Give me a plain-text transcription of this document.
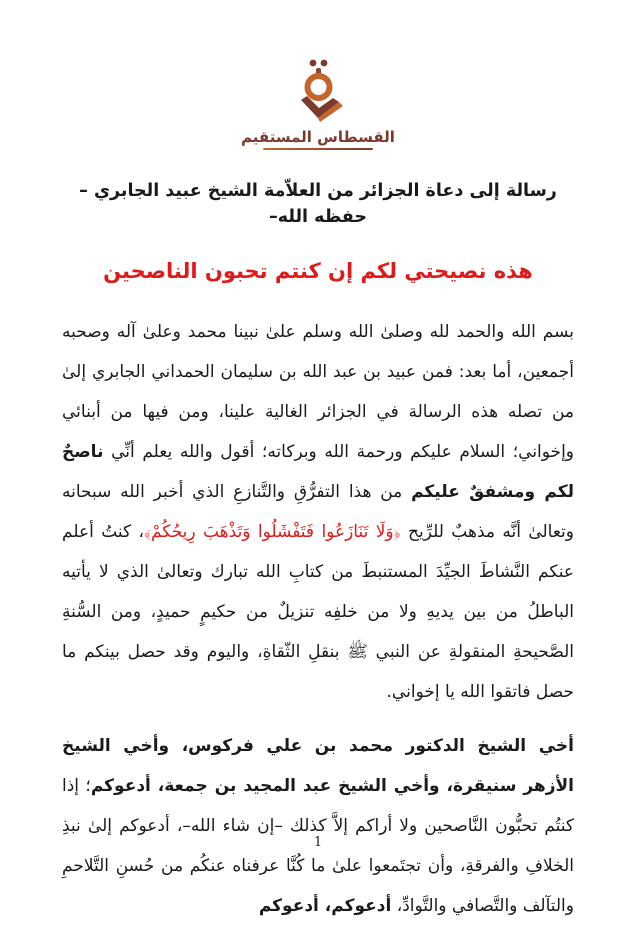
القسطاس المستقيم
رسالة إلى دعاة الجزائر من العلاّمة الشيخ عبيد الجابري –حفظه الله–
هذه نصيحتي لكم إن كنتم تحبون الناصحين

بسم الله والحمد لله وصلىٰ الله وسلم علىٰ نبينا محمد وعلىٰ آله وصحبه أجمعين، أما بعد: فمن عبيد بن عبد الله بن سليمان الحمداني الجابري إلىٰ من تصله هذه الرسالة في الجزائر الغالية علينا، ومن فيها من أبنائي وإخواني؛ السلام عليكم ورحمة الله وبركاته؛ أقول والله يعلم أنِّي ناصحٌ لكم ومشفقٌ عليكم من هذا التفرُّقِ والتَّنازعِ الذي أخبر الله سبحانه وتعالىٰ أنَّه مذهبٌ للرِّيح ﴿وَلَا تَنَازَعُوا فَتَفْشَلُوا وَتَذْهَبَ رِيحُكُمْ﴾، كنتُ أعلم عنكم النَّشاطَ الجيِّدَ المستنبطَ من كتابِ الله تبارك وتعالىٰ الذي لا يأتيه الباطلُ من بين يديهِ ولا من خلفِه تنزيلٌ من حكيمٍ حميدٍ، ومن السُّنةِ الصَّحيحةِ المنقولةِ عن النبي ﷺ بنقلِ الثّقاةِ، واليوم وقد حصل بينكم ما حصل فاتقوا الله يا إخواني.

أخي الشيخ الدكتور محمد بن علي فركوس، وأخي الشيخ الأزهر سنيقرة، وأخي الشيخ عبد المجيد بن جمعة، أدعوكم؛ إذا كنتُم تحبُّون النَّاصحين ولا أراكم إلاَّ كذلك –إن شاء الله–، أدعوكم إلىٰ نبذِ الخلافِ والفرقةِ، وأن تجتَمعوا علىٰ ما كُنَّا عرفناه عنكُم من حُسنِ التَّلاحمِ والتآلف والتَّصافي والتَّوادِّ، أدعوكم، أدعوكم

1
